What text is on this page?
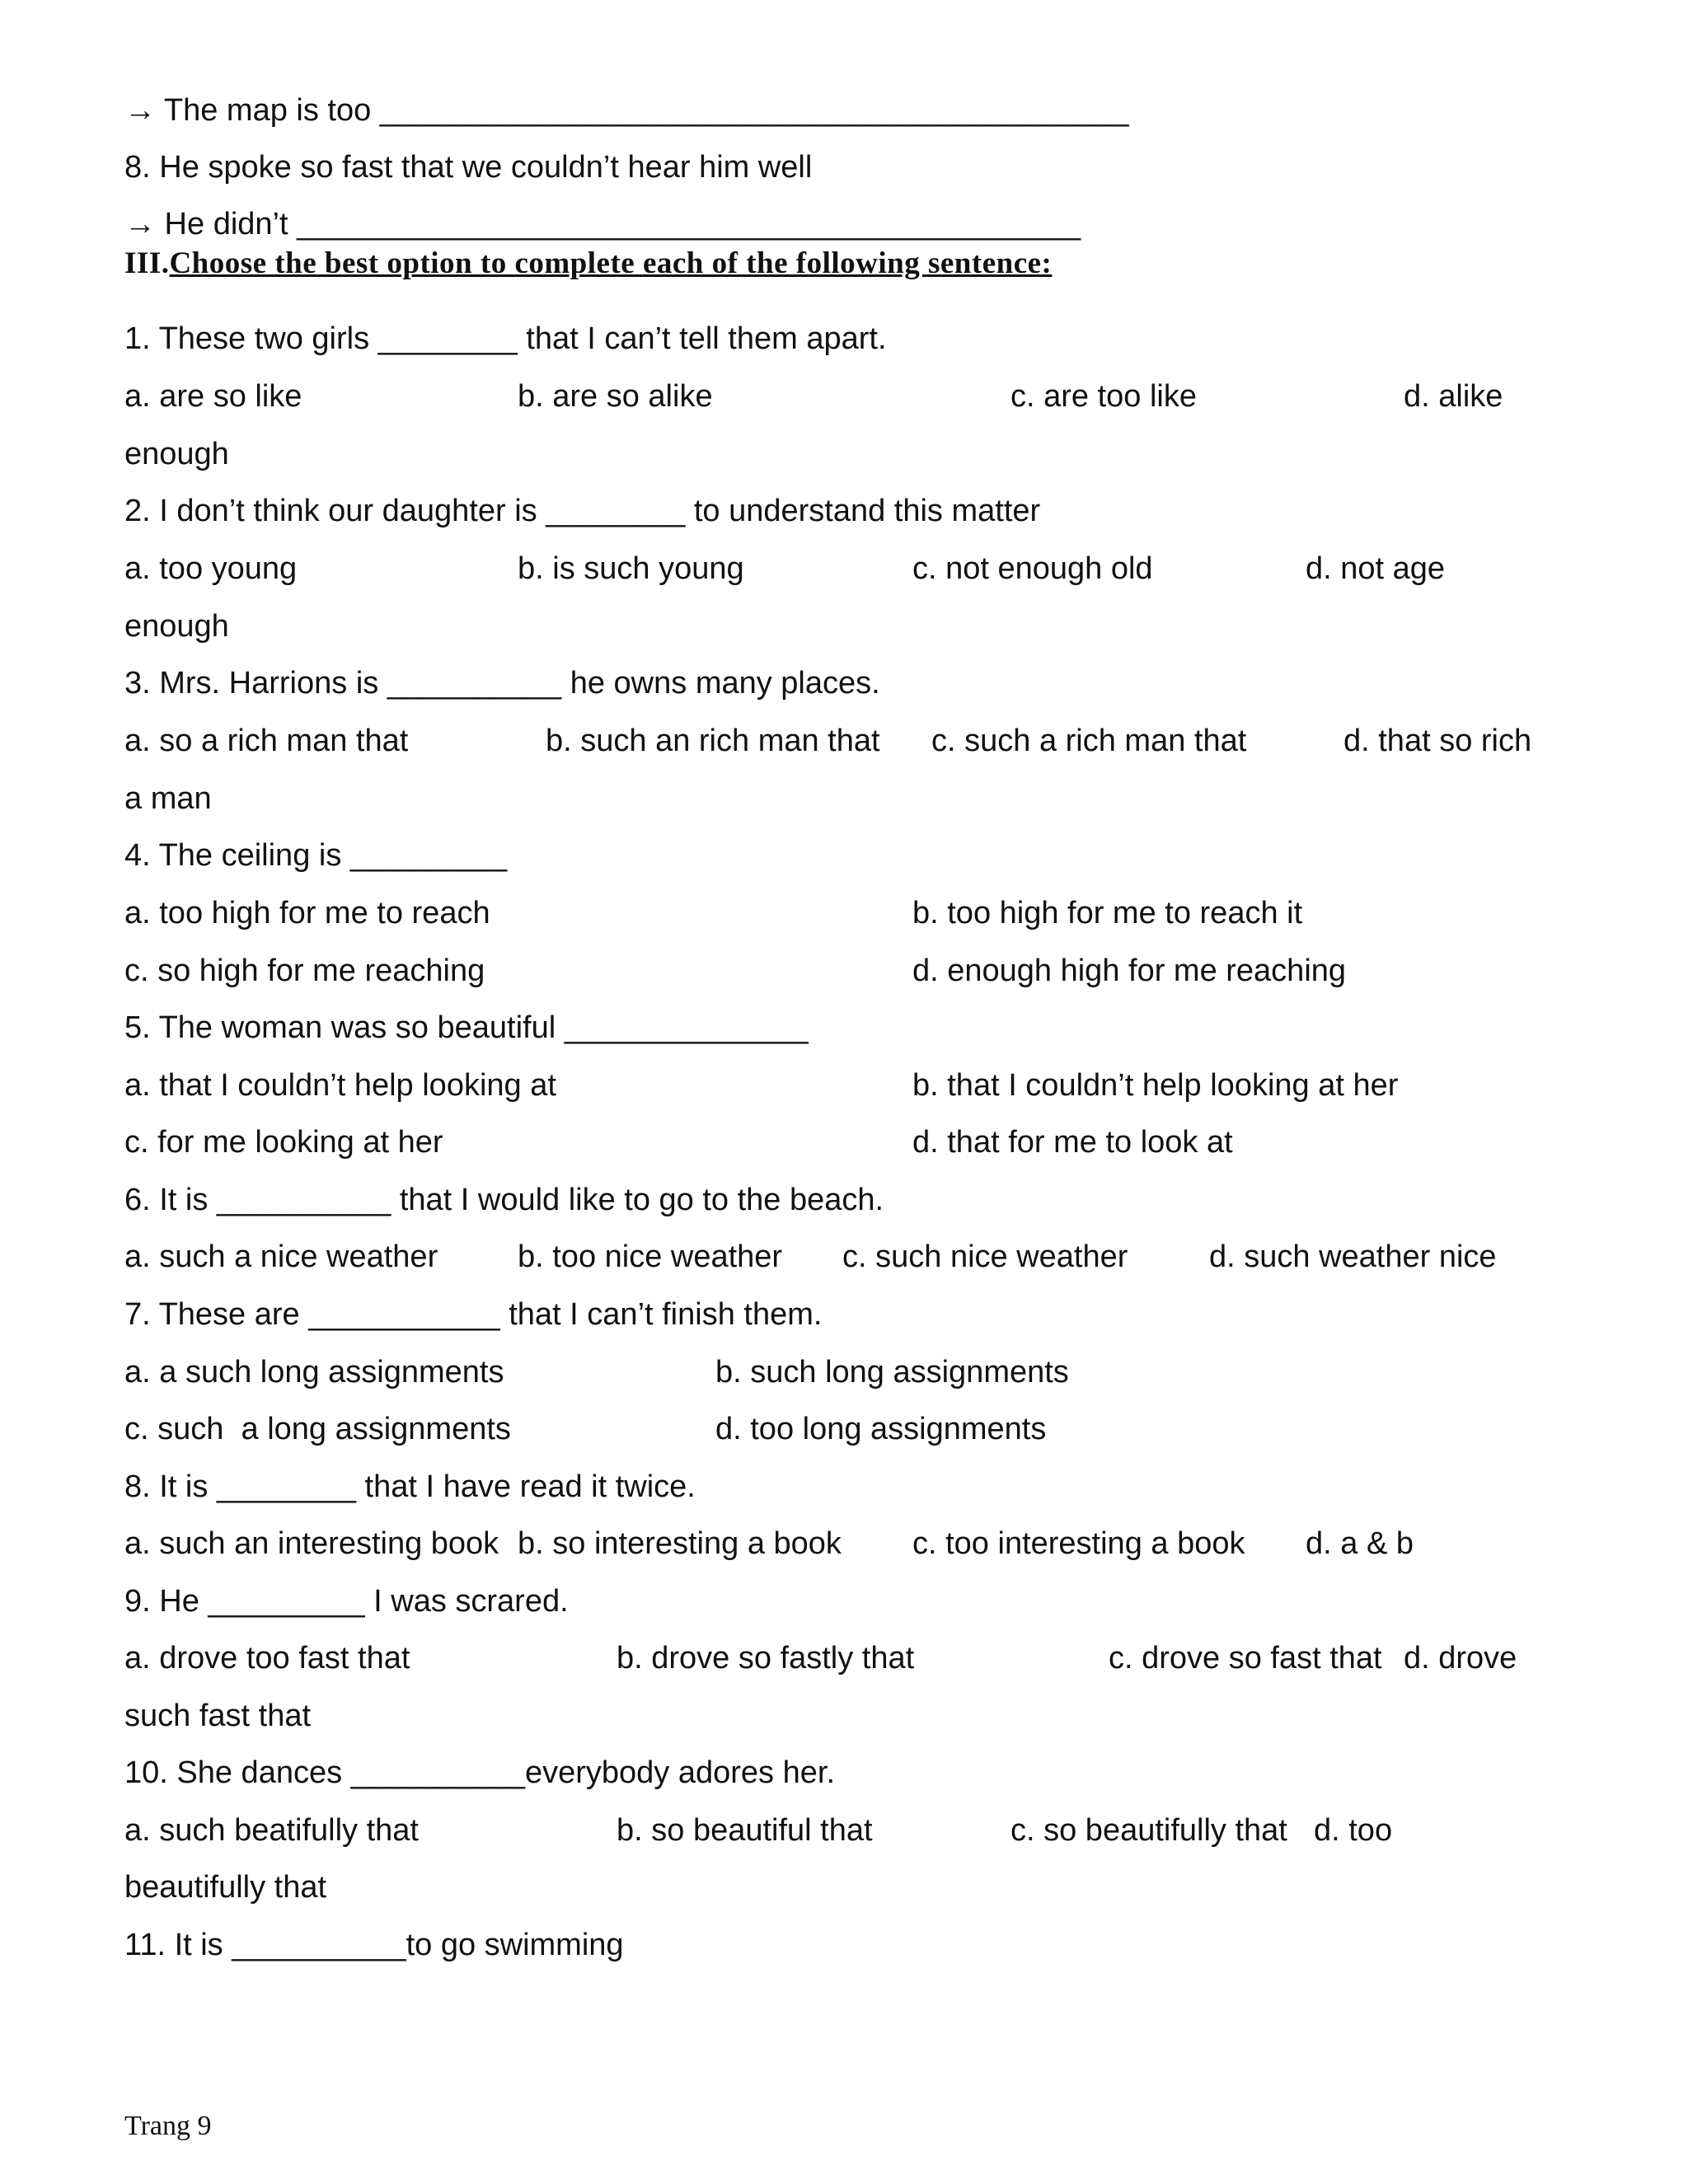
→ The map is too ___________________________________________
8. He spoke so fast that we couldn’t hear him well
→ He didn’t _____________________________________________
III.Choose the best option to complete each of the following sentence:
1. These two girls ________ that I can’t tell them apart.
a. are so like	b. are so alike	c. are too like	d. alike
enough
2. I don’t think our daughter is ________ to understand this matter
a. too young	b. is such young	c. not enough old	d. not age
enough
3. Mrs. Harrions is __________ he owns many places.
a. so a rich man that	b. such an rich man that c. such a rich man that	d. that so rich
a man
4. The ceiling is _________
a. too high for me to reach	b. too high for me to reach it
c. so high for me reaching	d. enough high for me reaching
5. The woman was so beautiful ______________
a. that I couldn’t help looking at	b. that I couldn’t help looking at her
c. for me looking at her	d. that for me to look at
6. It is __________ that I would like to go to the beach.
a. such a nice weather	b. too nice weather c. such nice weather	d. such weather nice
7. These are ___________ that I can’t finish them.
a. a such long assignments	b. such long assignments
c. such  a long assignments	d. too long assignments
8. It is ________ that I have read it twice.
a. such an interesting book b. so interesting a book c. too interesting a book d. a & b
9. He _________ I was scrared.
a. drove too fast that	b. drove so fastly that	c. drove so fast that d. drove
such fast that
10. She dances __________everybody adores her.
a. such beatifully that	b. so beautiful that	c. so beautifully that d. too
beautifully that
11. It is __________to go swimming
Trang 9
